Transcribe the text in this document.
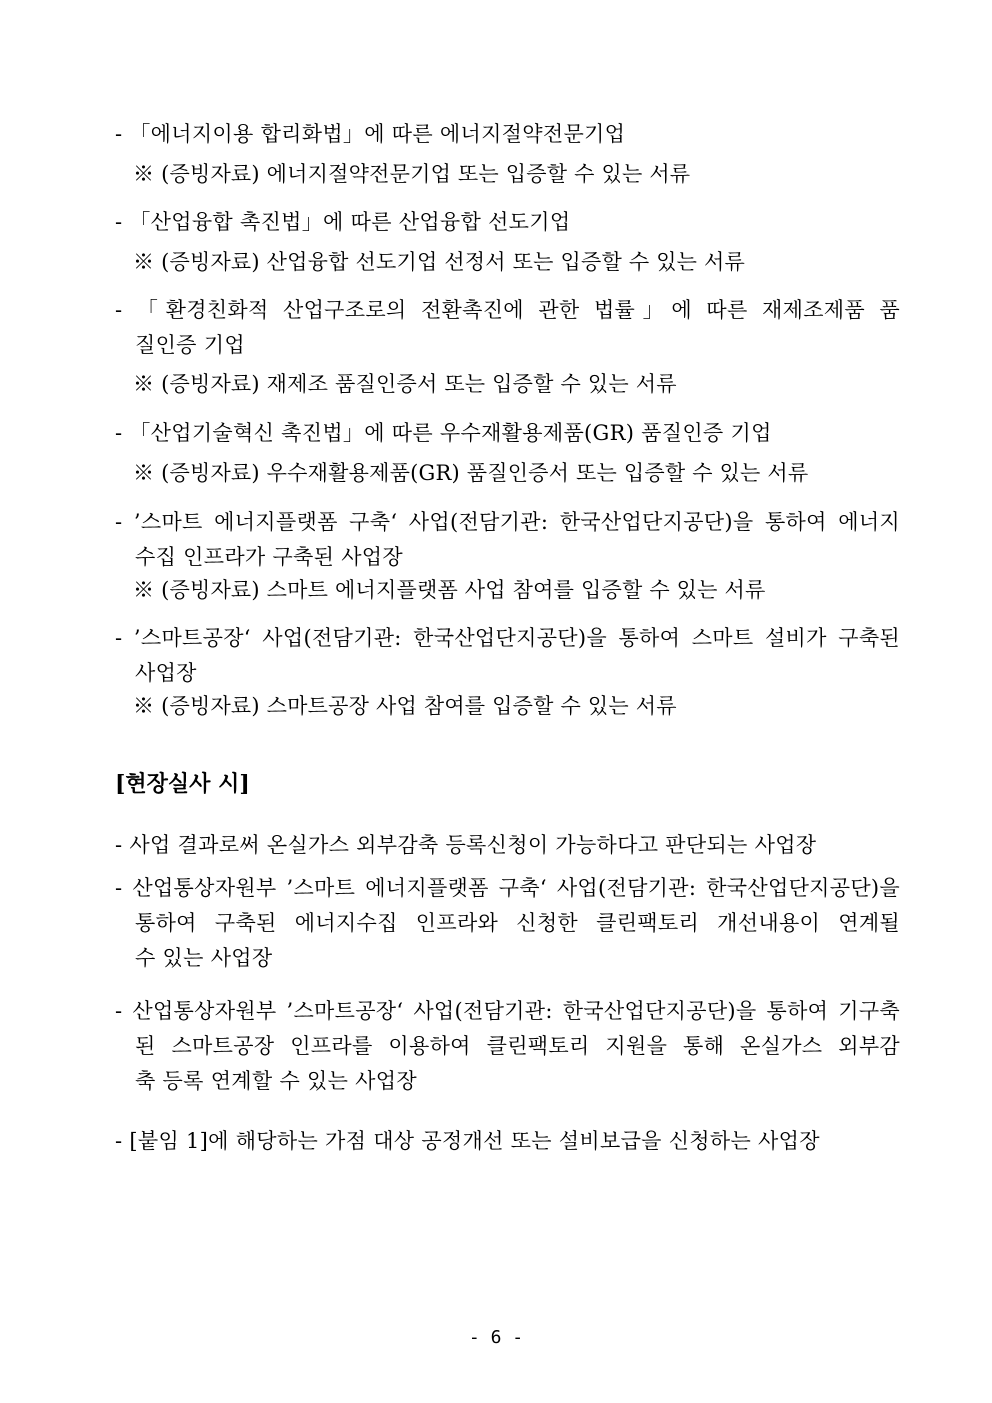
- 「에너지이용 합리화법」에 따른 에너지절약전문기업
※ (증빙자료) 에너지절약전문기업 또는 입증할 수 있는 서류
- 「산업융합 촉진법」에 따른 산업융합 선도기업
※ (증빙자료) 산업융합 선도기업 선정서 또는 입증할 수 있는 서류
- 「환경친화적 산업구조로의 전환촉진에 관한 법률」에 따른 재제조제품 품
질인증 기업
※ (증빙자료) 재제조 품질인증서 또는 입증할 수 있는 서류
- 「산업기술혁신 촉진법」에 따른 우수재활용제품(GR) 품질인증 기업
※ (증빙자료) 우수재활용제품(GR) 품질인증서 또는 입증할 수 있는 서류
- ’스마트 에너지플랫폼 구축‘ 사업(전담기관: 한국산업단지공단)을 통하여 에너지
수집 인프라가 구축된 사업장
※ (증빙자료) 스마트 에너지플랫폼 사업 참여를 입증할 수 있는 서류
- ’스마트공장‘ 사업(전담기관: 한국산업단지공단)을 통하여 스마트 설비가 구축된
사업장
※ (증빙자료) 스마트공장 사업 참여를 입증할 수 있는 서류
[현장실사 시]
- 사업 결과로써 온실가스 외부감축 등록신청이 가능하다고 판단되는 사업장
- 산업통상자원부 ’스마트 에너지플랫폼 구축‘ 사업(전담기관: 한국산업단지공단)을
통하여 구축된 에너지수집 인프라와 신청한 클린팩토리 개선내용이 연계될
수 있는 사업장
- 산업통상자원부 ’스마트공장‘ 사업(전담기관: 한국산업단지공단)을 통하여 기구축
된 스마트공장 인프라를 이용하여 클린팩토리 지원을 통해 온실가스 외부감
축 등록 연계할 수 있는 사업장
- [붙임 1]에 해당하는 가점 대상 공정개선 또는 설비보급을 신청하는 사업장
- 6 -
